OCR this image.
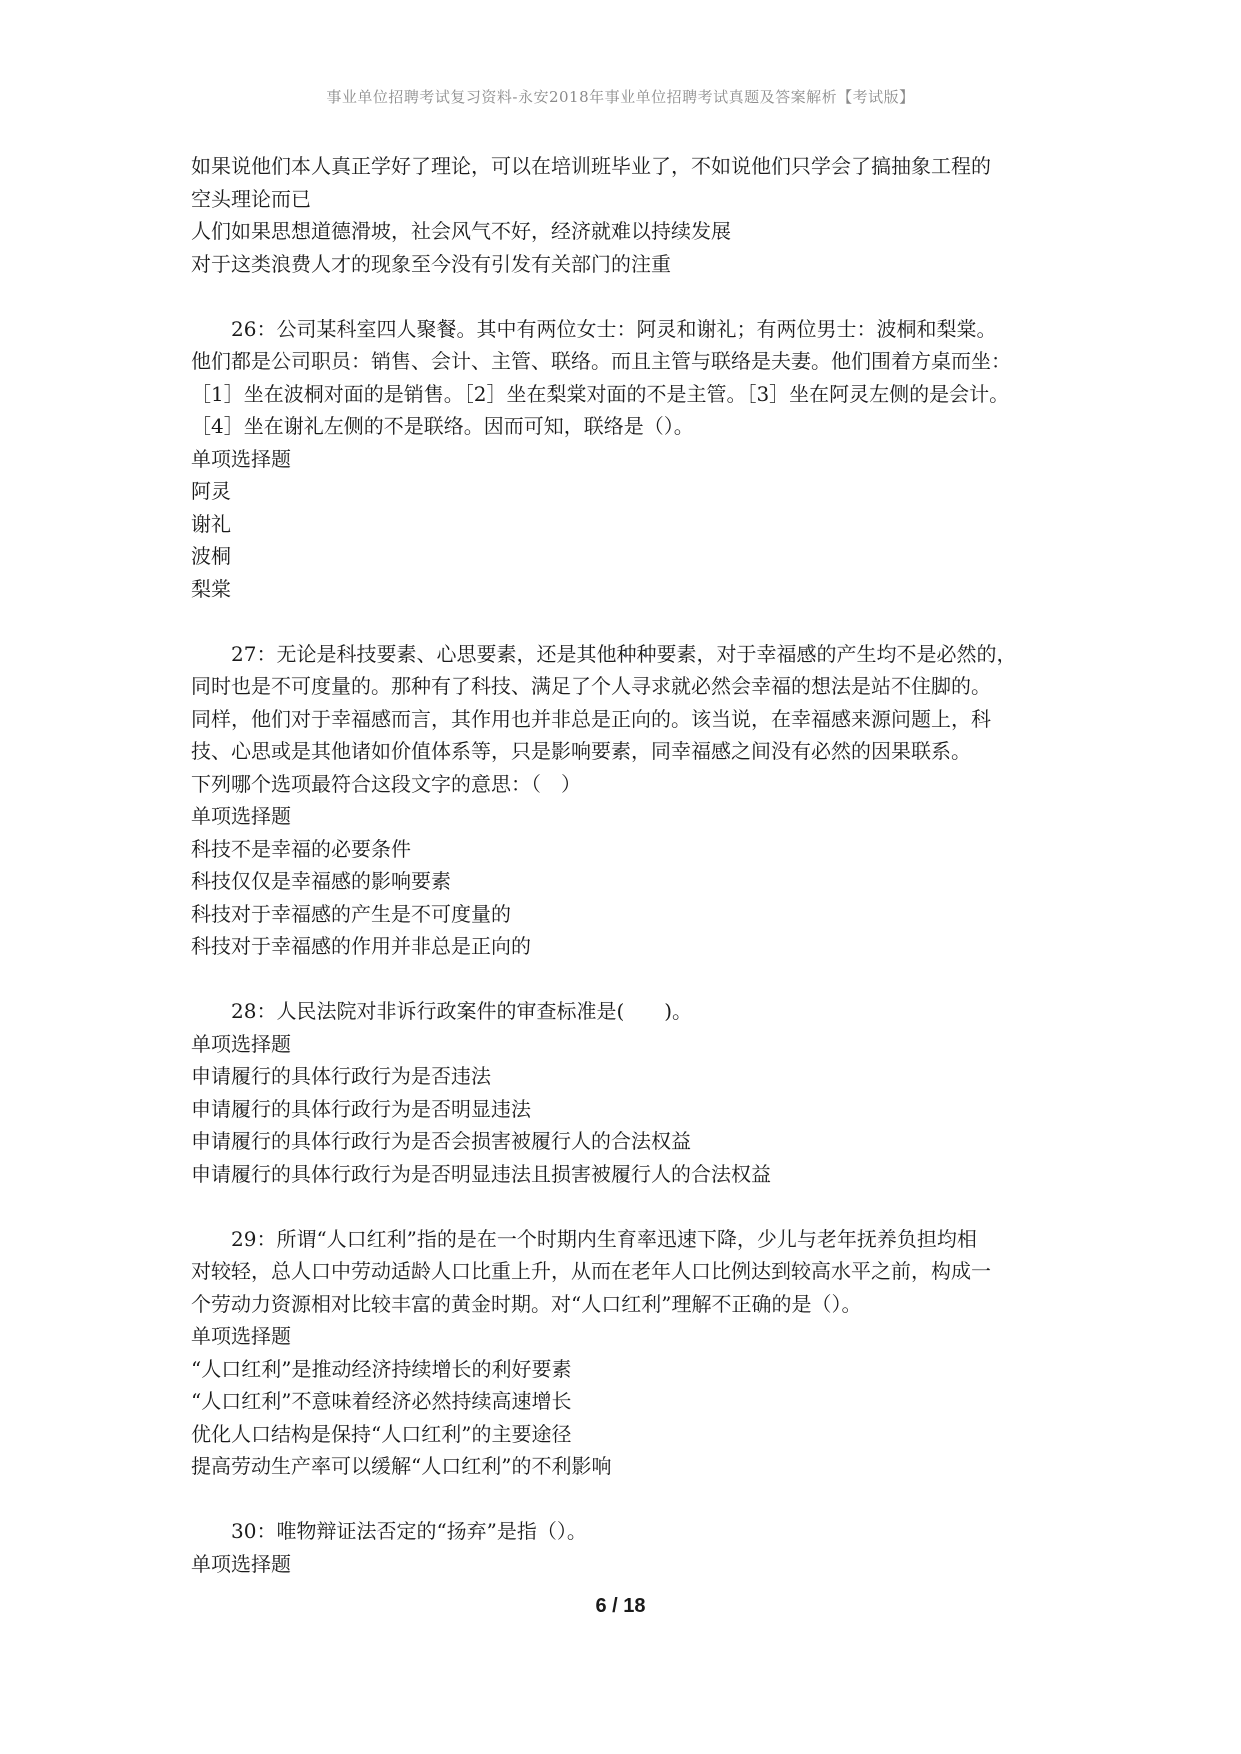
事业单位招聘考试复习资料-永安2018年事业单位招聘考试真题及答案解析【考试版】
如果说他们本人真正学好了理论，可以在培训班毕业了，不如说他们只学会了搞抽象工程的
空头理论而已
人们如果思想道德滑坡，社会风气不好，经济就难以持续发展
对于这类浪费人才的现象至今没有引发有关部门的注重
26：公司某科室四人聚餐。其中有两位女士：阿灵和谢礼；有两位男士：波桐和梨棠。
他们都是公司职员：销售、会计、主管、联络。而且主管与联络是夫妻。他们围着方桌而坐：
［1］坐在波桐对面的是销售。［2］坐在梨棠对面的不是主管。［3］坐在阿灵左侧的是会计。
［4］坐在谢礼左侧的不是联络。因而可知，联络是（）。
单项选择题
阿灵
谢礼
波桐
梨棠
27：无论是科技要素、心思要素，还是其他种种要素，对于幸福感的产生均不是必然的，
同时也是不可度量的。那种有了科技、满足了个人寻求就必然会幸福的想法是站不住脚的。
同样，他们对于幸福感而言，其作用也并非总是正向的。该当说，在幸福感来源问题上，科
技、心思或是其他诸如价值体系等，只是影响要素，同幸福感之间没有必然的因果联系。
下列哪个选项最符合这段文字的意思：（　）
单项选择题
科技不是幸福的必要条件
科技仅仅是幸福感的影响要素
科技对于幸福感的产生是不可度量的
科技对于幸福感的作用并非总是正向的
28：人民法院对非诉行政案件的审查标准是(　　)。
单项选择题
申请履行的具体行政行为是否违法
申请履行的具体行政行为是否明显违法
申请履行的具体行政行为是否会损害被履行人的合法权益
申请履行的具体行政行为是否明显违法且损害被履行人的合法权益
29：所谓“人口红利”指的是在一个时期内生育率迅速下降，少儿与老年抚养负担均相
对较轻，总人口中劳动适龄人口比重上升，从而在老年人口比例达到较高水平之前，构成一
个劳动力资源相对比较丰富的黄金时期。对“人口红利”理解不正确的是（）。
单项选择题
“人口红利”是推动经济持续增长的利好要素
“人口红利”不意味着经济必然持续高速增长
优化人口结构是保持“人口红利”的主要途径
提高劳动生产率可以缓解“人口红利”的不利影响
30：唯物辩证法否定的“扬弃”是指（）。
单项选择题
6 / 18
